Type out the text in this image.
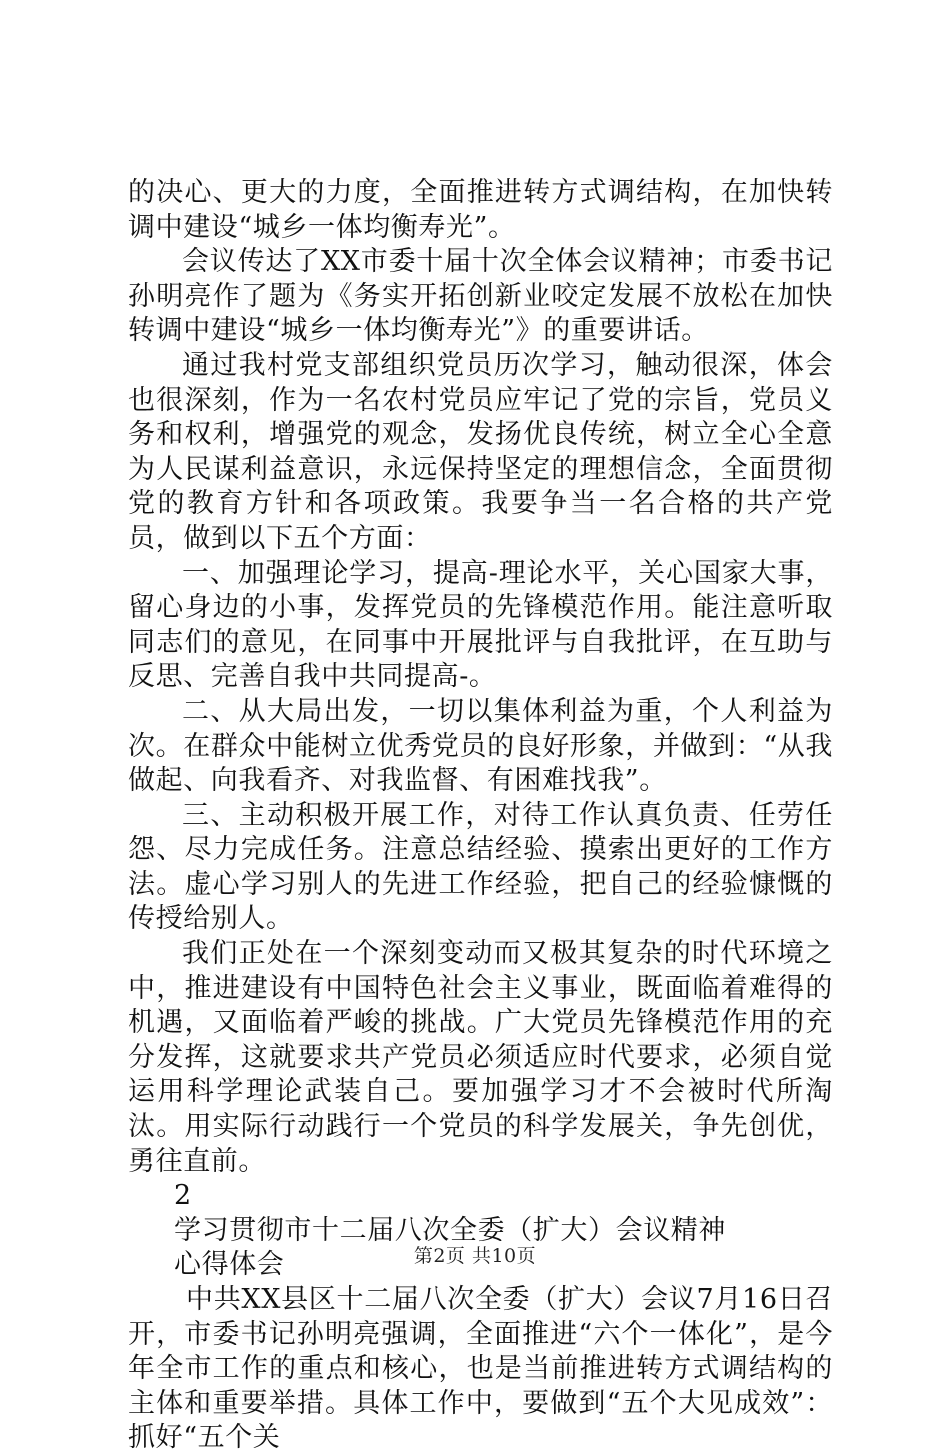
的决心、更大的力度，全面推进转方式调结构，在加快转调中建设“城乡一体均衡寿光”。

会议传达了XX市委十届十次全体会议精神；市委书记孙明亮作了题为《务实开拓创新业咬定发展不放松在加快转调中建设“城乡一体均衡寿光”》的重要讲话。

通过我村党支部组织党员历次学习，触动很深，体会也很深刻，作为一名农村党员应牢记了党的宗旨，党员义务和权利，增强党的观念，发扬优良传统，树立全心全意为人民谋利益意识，永远保持坚定的理想信念，全面贯彻党的教育方针和各项政策。我要争当一名合格的共产党员，做到以下五个方面：

一、加强理论学习，提高-理论水平，关心国家大事，留心身边的小事，发挥党员的先锋模范作用。能注意听取同志们的意见，在同事中开展批评与自我批评，在互助与反思、完善自我中共同提高-。

二、从大局出发，一切以集体利益为重，个人利益为次。在群众中能树立优秀党员的良好形象，并做到：“从我做起、向我看齐、对我监督、有困难找我”。

三、主动积极开展工作，对待工作认真负责、任劳任怨、尽力完成任务。注意总结经验、摸索出更好的工作方法。虚心学习别人的先进工作经验，把自己的经验慷慨的传授给别人。

我们正处在一个深刻变动而又极其复杂的时代环境之中，推进建设有中国特色社会主义事业，既面临着难得的机遇，又面临着严峻的挑战。广大党员先锋模范作用的充分发挥，这就要求共产党员必须适应时代要求，必须自觉运用科学理论武装自己。要加强学习才不会被时代所淘汰。用实际行动践行一个党员的科学发展关，争先创优，勇往直前。

2

学习贯彻市十二届八次全委（扩大）会议精神

心得体会

中共XX县区十二届八次全委（扩大）会议7月16日召开，市委书记孙明亮强调，全面推进“六个一体化”，是今年全市工作的重点和核心，也是当前推进转方式调结构的主体和重要举措。具体工作中，要做到“五个大见成效”：抓好“五个关

第2页 共10页
